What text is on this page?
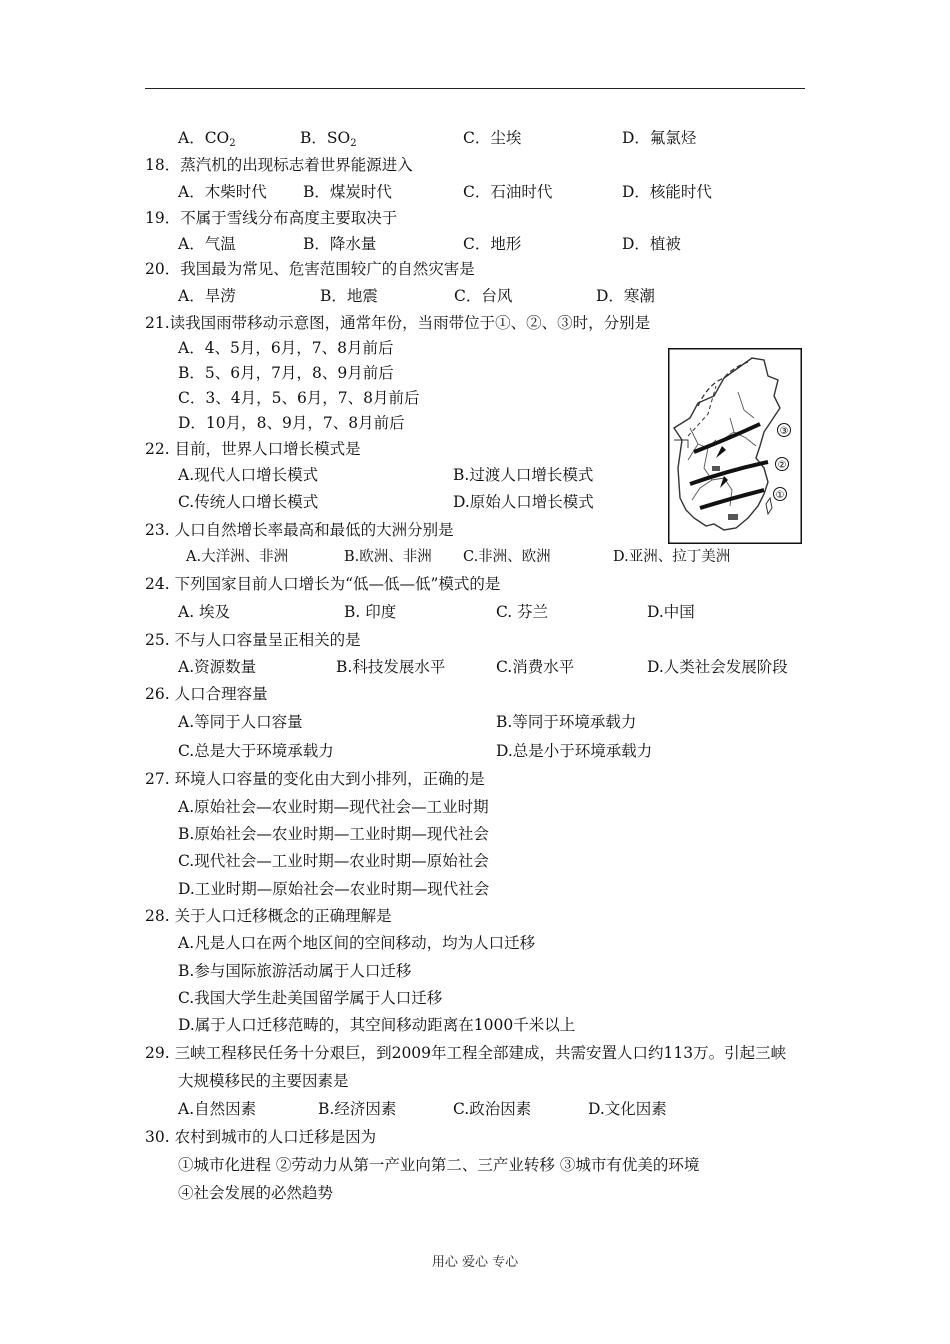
A．$CO_2$	B．$SO_2$	C．尘埃	D．氟氯烃
18．蒸汽机的出现标志着世界能源进入
A．木柴时代 B．煤炭时代	C．石油时代	D．核能时代
19．不属于雪线分布高度主要取决于
A．气温	B．降水量	C．地形	D．植被
20．我国最为常见、危害范围较广的自然灾害是
A．旱涝	B．地震	C．台风	D．寒潮
21.读我国雨带移动示意图，通常年份，当雨带位于①、②、③时，分别是
A．4、5月，6月，7、8月前后
B．5、6月，7月，8、9月前后
C．3、4月，5、6月，7、8月前后
D．10月，8、9月，7、8月前后	③
②
①
22. 目前，世界人口增长模式是
A.现代人口增长模式	B.过渡人口增长模式
C.传统人口增长模式	D.原始人口增长模式
23. 人口自然增长率最高和最低的大洲分别是
A.大洋洲、非洲	B.欧洲、非洲 C.非洲、欧洲	D.亚洲、拉丁美洲
24. 下列国家目前人口增长为“低—低—低”模式的是
A. 埃及	B. 印度	C. 芬兰	D.中国
25. 不与人口容量呈正相关的是
A.资源数量	B.科技发展水平	C.消费水平	D.人类社会发展阶段
26. 人口合理容量
A.等同于人口容量	B.等同于环境承载力
C.总是大于环境承载力	D.总是小于环境承载力
27. 环境人口容量的变化由大到小排列，正确的是
A.原始社会—农业时期—现代社会—工业时期
B.原始社会—农业时期—工业时期—现代社会
C.现代社会—工业时期—农业时期—原始社会
D.工业时期—原始社会—农业时期—现代社会
28. 关于人口迁移概念的正确理解是
A.凡是人口在两个地区间的空间移动，均为人口迁移
B.参与国际旅游活动属于人口迁移
C.我国大学生赴美国留学属于人口迁移
D.属于人口迁移范畴的，其空间移动距离在1000千米以上
29. 三峡工程移民任务十分艰巨，到2009年工程全部建成，共需安置人口约113万。引起三峡
大规模移民的主要因素是
A.自然因素	B.经济因素	C.政治因素	D.文化因素
30. 农村到城市的人口迁移是因为
①城市化进程 ②劳动力从第一产业向第二、三产业转移 ③城市有优美的环境
④社会发展的必然趋势
用心 爱心 专心
